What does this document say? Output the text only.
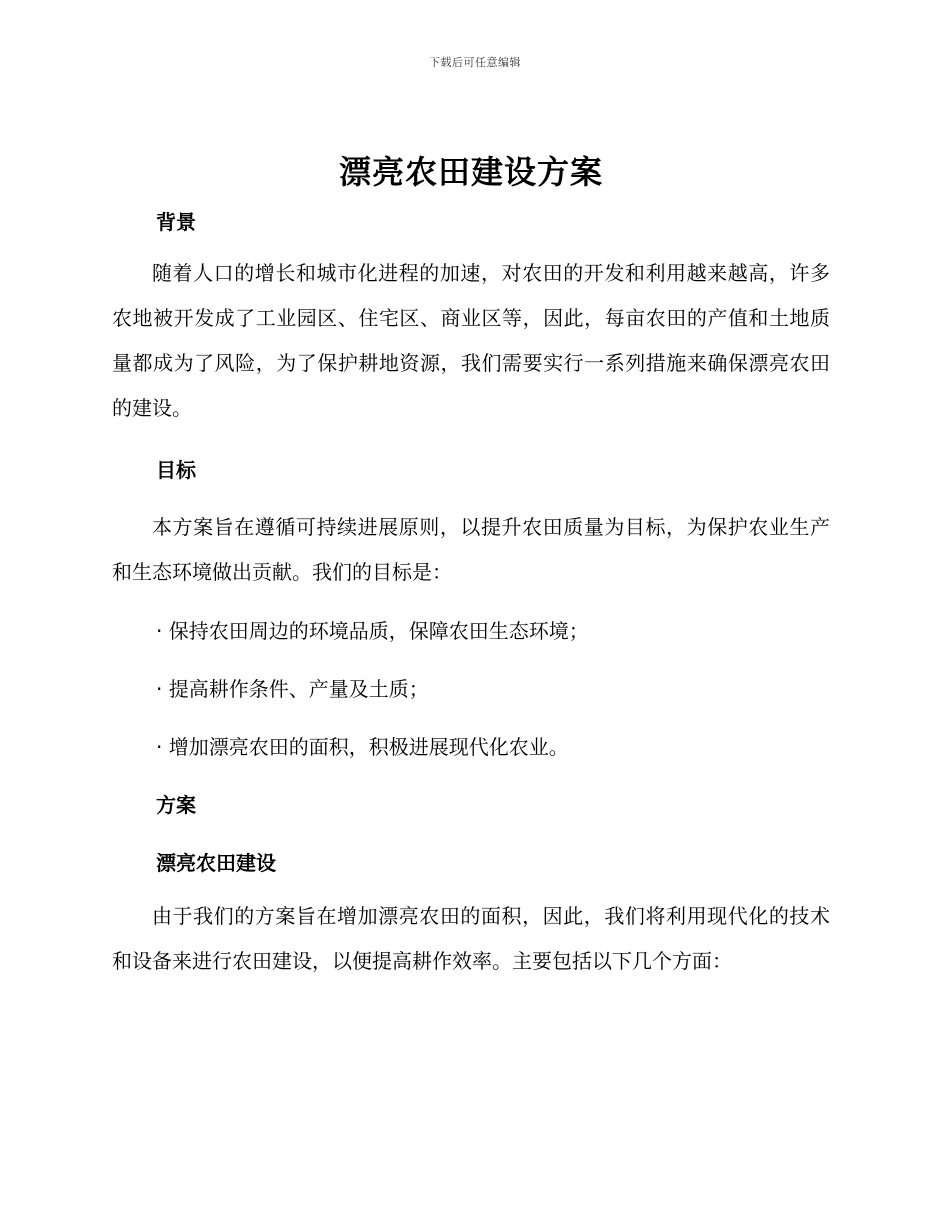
下载后可任意编辑
漂亮农田建设方案
背景

随着人口的增长和城市化进程的加速，对农田的开发和利用越来越高，许多农地被开发成了工业园区、住宅区、商业区等，因此，每亩农田的产值和土地质量都成为了风险，为了保护耕地资源，我们需要实行一系列措施来确保漂亮农田的建设。

目标

本方案旨在遵循可持续进展原则，以提升农田质量为目标，为保护农业生产和生态环境做出贡献。我们的目标是：

· 保持农田周边的环境品质，保障农田生态环境；

· 提高耕作条件、产量及土质；

· 增加漂亮农田的面积，积极进展现代化农业。

方案
漂亮农田建设

由于我们的方案旨在增加漂亮农田的面积，因此，我们将利用现代化的技术和设备来进行农田建设，以便提高耕作效率。主要包括以下几个方面：
